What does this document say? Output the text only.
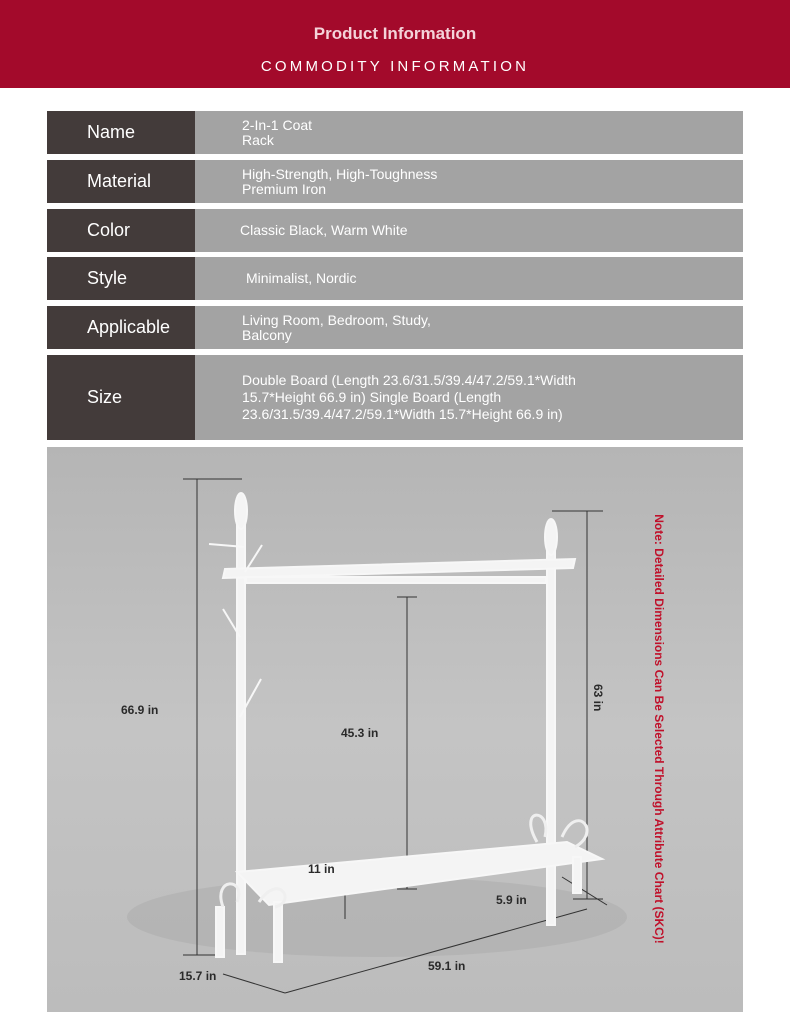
Product Information
COMMODITY INFORMATION
Name	2-In-1 Coat Rack
Material	High-Strength, High-Toughness Premium Iron
Color	Classic Black, Warm White
Style	Minimalist, Nordic
Applicable	Living Room, Bedroom, Study, Balcony
Size
Double Board (Length 23.6/31.5/39.4/47.2/59.1*Width 15.7*Height 66.9 in) Single Board (Length 23.6/31.5/39.4/47.2/59.1*Width 15.7*Height 66.9 in)
66.9 in
45.3 in
63 in
11 in
5.9 in
15.7 in
59.1 in
Note: Detailed Dimensions Can Be Selected Through Attribute Chart (SKC)!
